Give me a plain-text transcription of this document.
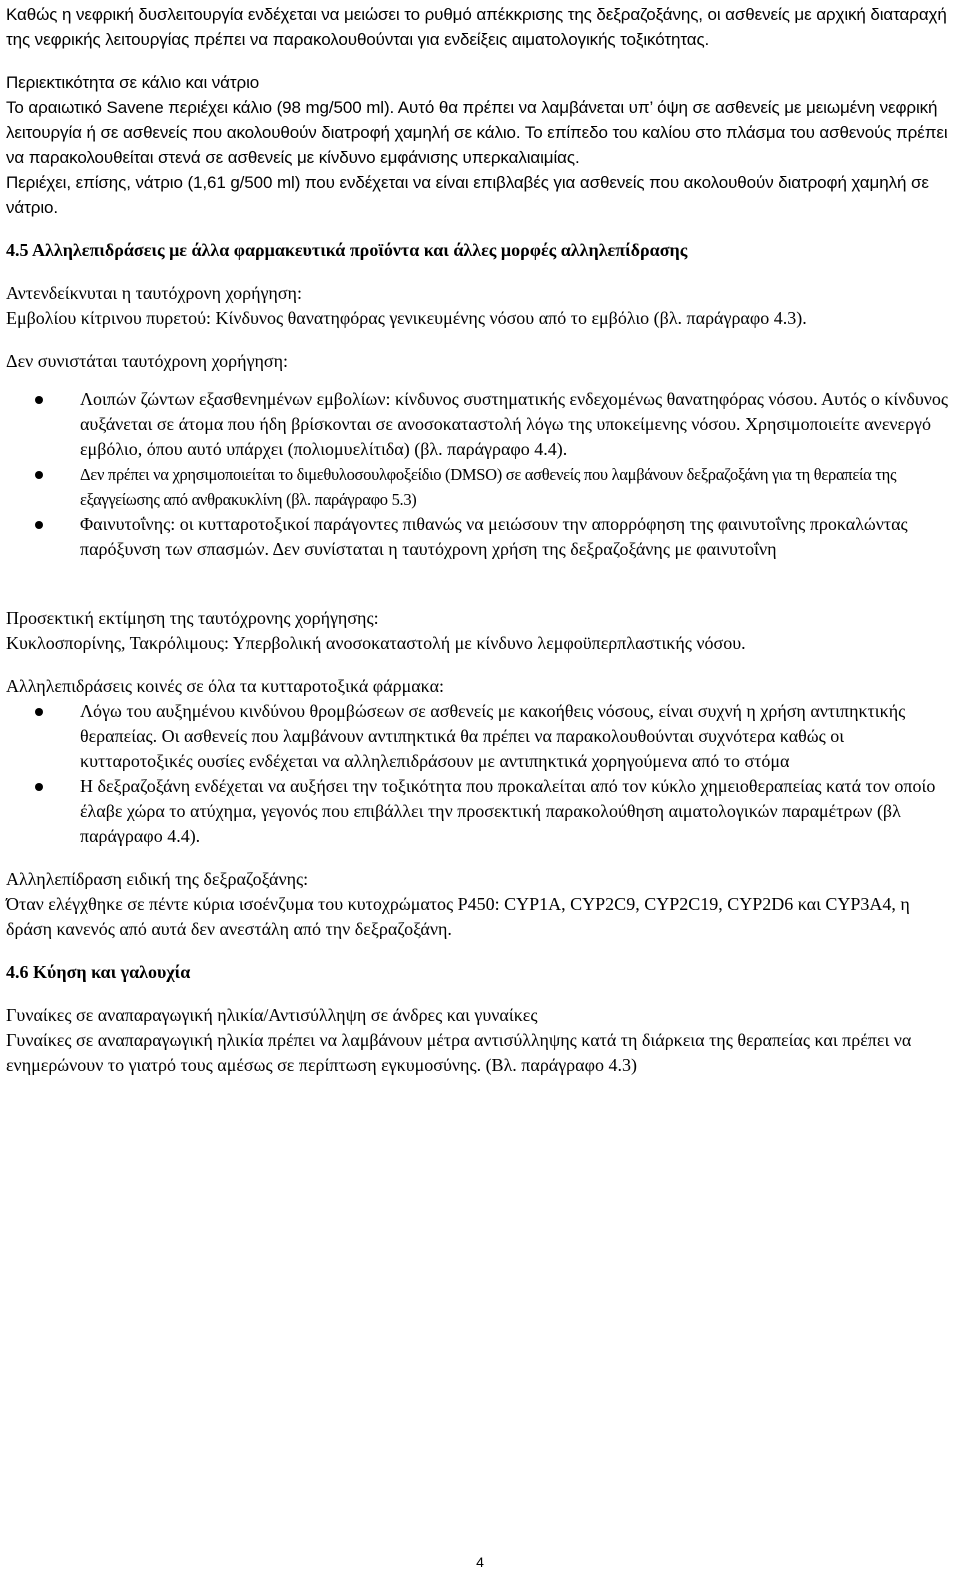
Καθώς η νεφρική δυσλειτουργία ενδέχεται να μειώσει το ρυθμό απέκκρισης της δεξραζοξάνης, οι ασθενείς με αρχική διαταραχή της νεφρικής λειτουργίας πρέπει να παρακολουθούνται για ενδείξεις αιματολογικής τοξικότητας.

Περιεκτικότητα σε κάλιο και νάτριο

Το αραιωτικό Savene περιέχει κάλιο (98 mg/500 ml). Αυτό θα πρέπει να λαμβάνεται υπ’ όψη σε ασθενείς με μειωμένη νεφρική λειτουργία ή σε ασθενείς που ακολουθούν διατροφή χαμηλή σε κάλιο. Το επίπεδο του καλίου στο πλάσμα του ασθενούς πρέπει να παρακολουθείται στενά σε ασθενείς με κίνδυνο εμφάνισης υπερκαλιαιμίας.

Περιέχει, επίσης, νάτριο (1,61 g/500 ml) που ενδέχεται να είναι επιβλαβές για ασθενείς που ακολουθούν διατροφή χαμηλή σε νάτριο.

4.5 Αλληλεπιδράσεις με άλλα φαρμακευτικά προϊόντα και άλλες μορφές αλληλεπίδρασης

Αντενδείκνυται η ταυτόχρονη χορήγηση:

Εμβολίου κίτρινου πυρετού: Κίνδυνος θανατηφόρας γενικευμένης νόσου από το εμβόλιο (βλ. παράγραφο 4.3).

Δεν συνιστάται ταυτόχρονη χορήγηση:

Λοιπών ζώντων εξασθενημένων εμβολίων: κίνδυνος συστηματικής ενδεχομένως θανατηφόρας νόσου. Αυτός ο κίνδυνος αυξάνεται σε άτομα που ήδη βρίσκονται σε ανοσοκαταστολή λόγω της υποκείμενης νόσου. Χρησιμοποιείτε ανενεργό εμβόλιο, όπου αυτό υπάρχει (πολιομυελίτιδα) (βλ. παράγραφο 4.4).
Δεν πρέπει να χρησιμοποιείται το διμεθυλοσουλφοξείδιο (DMSO) σε ασθενείς που λαμβάνουν δεξραζοξάνη για τη θεραπεία της εξαγγείωσης από ανθρακυκλίνη (βλ. παράγραφο 5.3)
Φαινυτοΐνης: οι κυτταροτοξικοί παράγοντες πιθανώς να μειώσουν την απορρόφηση της φαινυτοΐνης προκαλώντας παρόξυνση των σπασμών. Δεν συνίσταται η ταυτόχρονη χρήση της δεξραζοξάνης με φαινυτοΐνη

Προσεκτική εκτίμηση της ταυτόχρονης χορήγησης:

Κυκλοσπορίνης, Τακρόλιμους: Υπερβολική ανοσοκαταστολή με κίνδυνο λεμφοϋπερπλαστικής νόσου.

Αλληλεπιδράσεις κοινές σε όλα τα κυτταροτοξικά φάρμακα:

Λόγω του αυξημένου κινδύνου θρομβώσεων σε ασθενείς με κακοήθεις νόσους, είναι συχνή η χρήση αντιπηκτικής θεραπείας. Οι ασθενείς που λαμβάνουν αντιπηκτικά θα πρέπει να παρακολουθούνται συχνότερα καθώς οι κυτταροτοξικές ουσίες ενδέχεται να αλληλεπιδράσουν με αντιπηκτικά χορηγούμενα από το στόμα
Η δεξραζοξάνη ενδέχεται να αυξήσει την τοξικότητα που προκαλείται από τον κύκλο χημειοθεραπείας κατά τον οποίο έλαβε χώρα το ατύχημα, γεγονός που επιβάλλει την προσεκτική παρακολούθηση αιματολογικών παραμέτρων (βλ παράγραφο 4.4).

Αλληλεπίδραση ειδική της δεξραζοξάνης:

Όταν ελέγχθηκε σε πέντε κύρια ισοένζυμα του κυτοχρώματος P450: CYP1A, CYP2C9, CYP2C19, CYP2D6 και CYP3A4, η δράση κανενός από αυτά δεν ανεστάλη από την δεξραζοξάνη.

4.6 Κύηση και γαλουχία

Γυναίκες σε αναπαραγωγική ηλικία/Αντισύλληψη σε άνδρες και γυναίκες

Γυναίκες σε αναπαραγωγική ηλικία πρέπει να λαμβάνουν μέτρα αντισύλληψης κατά τη διάρκεια της θεραπείας και πρέπει να ενημερώνουν το γιατρό τους αμέσως σε περίπτωση εγκυμοσύνης. (Βλ. παράγραφο 4.3)

4
